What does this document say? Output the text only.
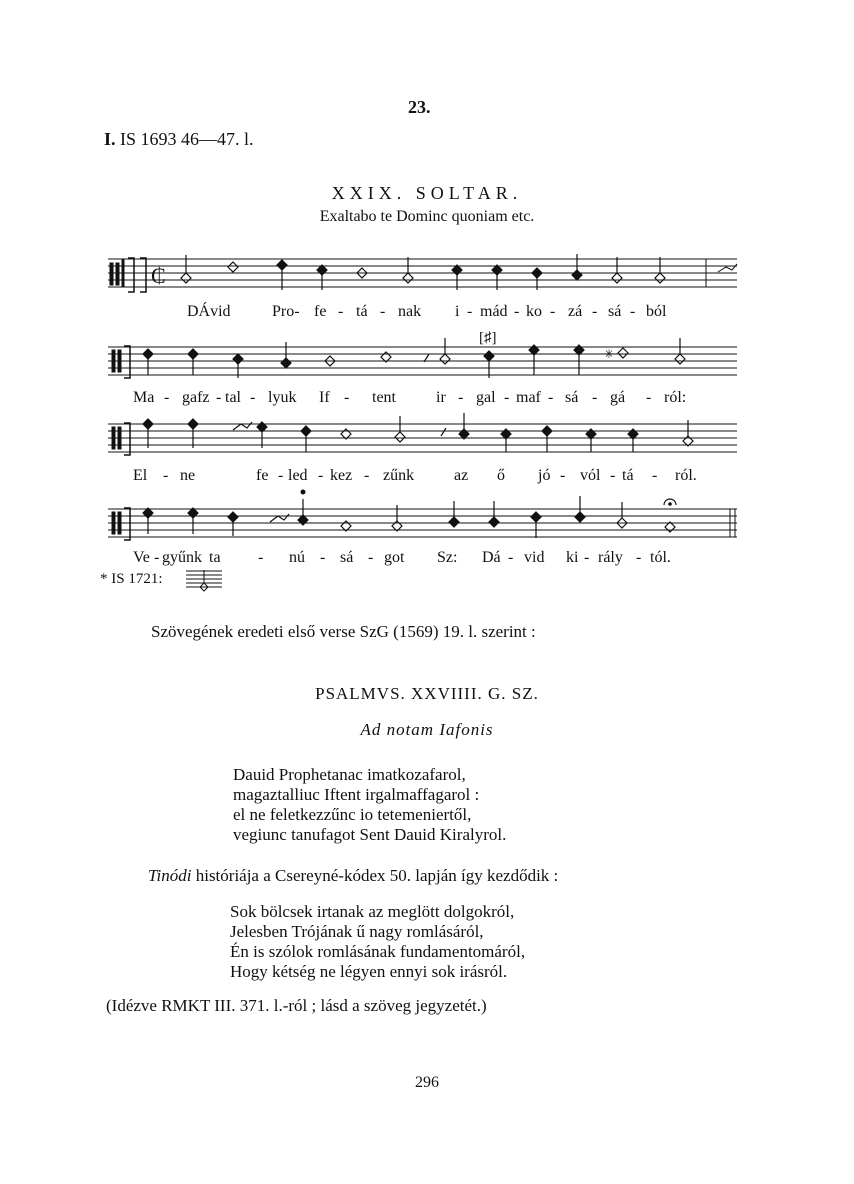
23.
I. IS 1693 46—47. l.
XXIX. SOLTAR.
Exaltabo te Dominc quoniam etc.
₵
[♯]
✳
DÁvid	Pro- fe - tá - nak i - mád - ko - zá - sá - ból
Ma - gafz - tal - lyuk If - tent	ir - gal - maf - sá - gá - ról:
El - ne	fe - led - kez - zűnk az ő jó - vól - tá - ról.
Ve - gyűnk ta - nú - sá - got Sz: Dá - vid ki - rály - tól.
* IS 1721:
Szövegének eredeti első verse SzG (1569) 19. l. szerint :
PSALMVS. XXVIIII. G. SZ.
Ad notam Iafonis
Dauid Prophetanac imatkozafarol,
magaztalliuc Iftent irgalmaffagarol :
el ne feletkezzűnc io tetemeniertől,
vegiunc tanufagot Sent Dauid Kiralyrol.
Tinódi históriája a Csereyné-kódex 50. lapján így kezdődik :
Sok bölcsek irtanak az meglött dolgokról,
Jelesben Trójának ű nagy romlásáról,
Én is szólok romlásának fundamentomáról,
Hogy kétség ne légyen ennyi sok irásról.
(Idézve RMKT III. 371. l.-ról ; lásd a szöveg jegyzetét.)
296
